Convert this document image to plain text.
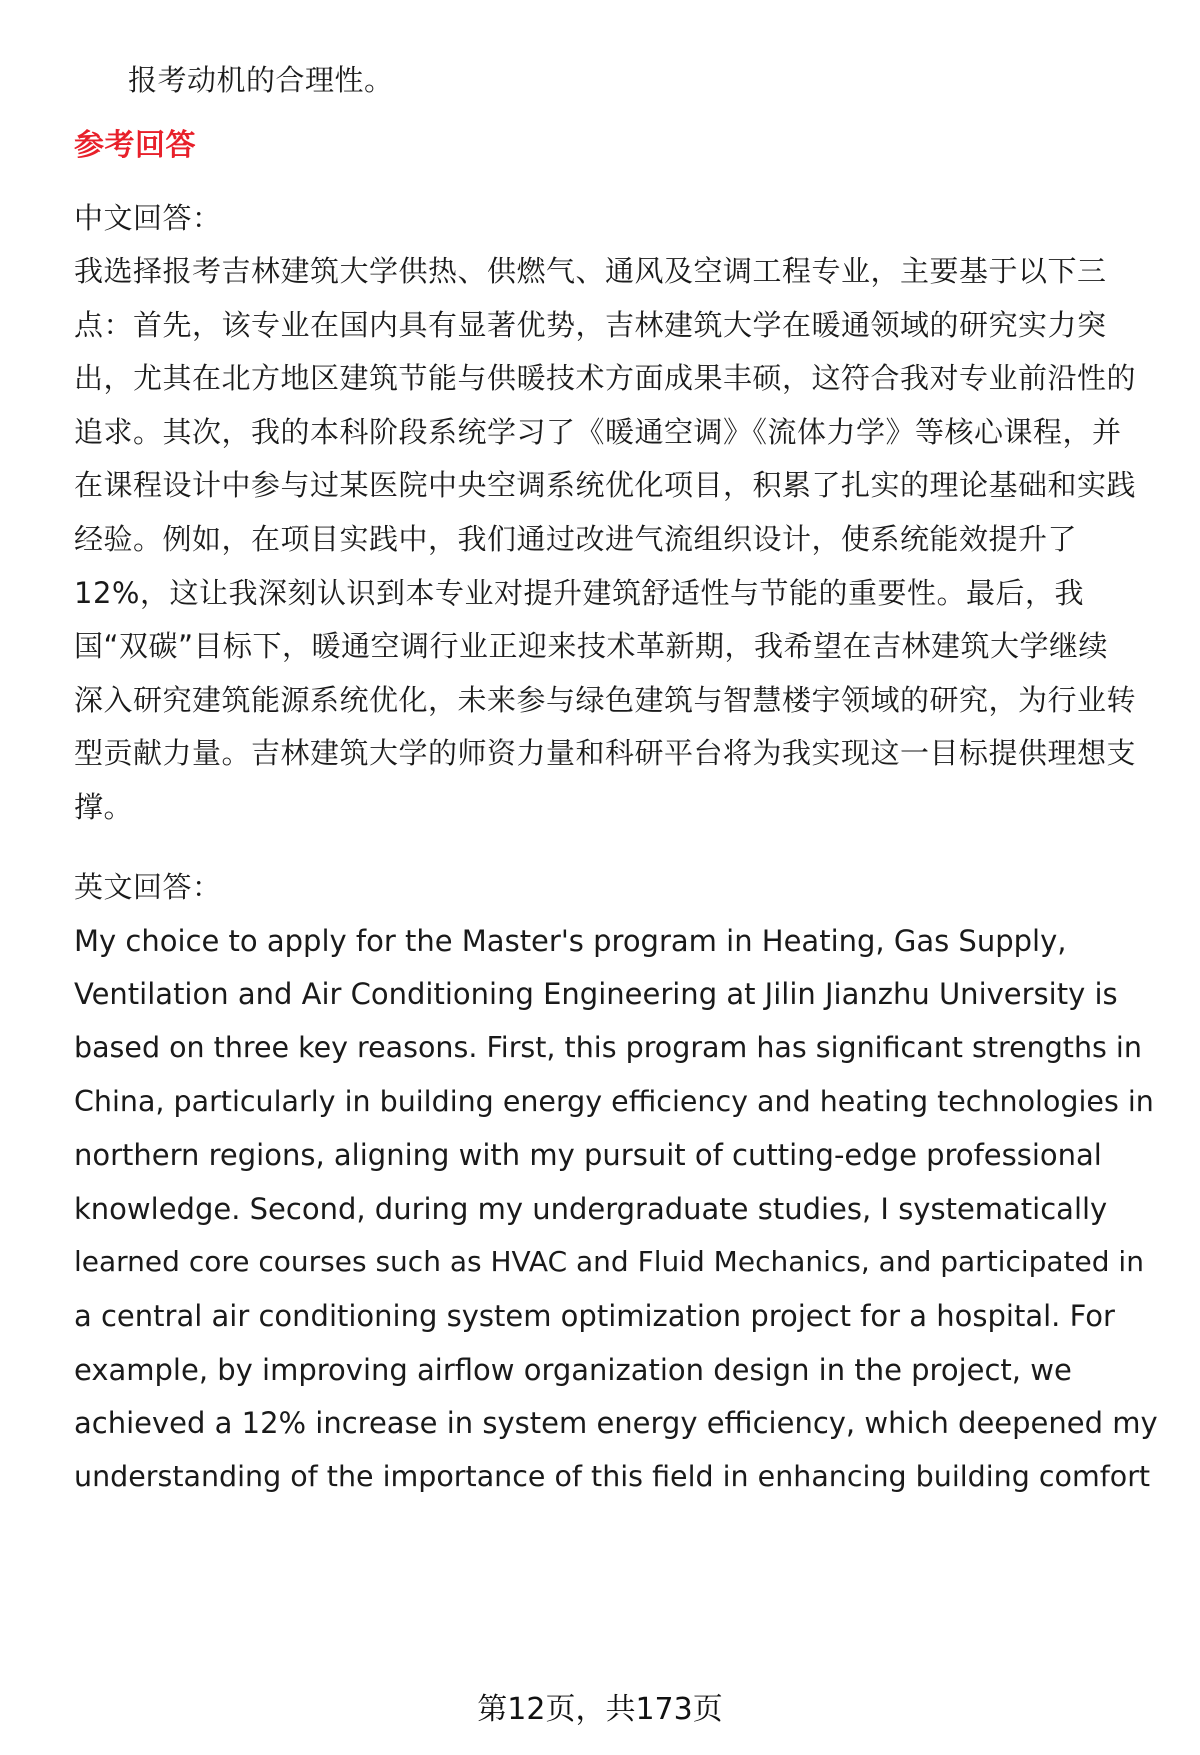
报考动机的合理性。
参考回答
中文回答：
我选择报考吉林建筑大学供热、供燃气、通风及空调工程专业，主要基于以下三
点：首先，该专业在国内具有显著优势，吉林建筑大学在暖通领域的研究实力突
出，尤其在北方地区建筑节能与供暖技术方面成果丰硕，这符合我对专业前沿性的
追求。其次，我的本科阶段系统学习了《暖通空调》《流体力学》等核心课程，并
在课程设计中参与过某医院中央空调系统优化项目，积累了扎实的理论基础和实践
经验。例如，在项目实践中，我们通过改进气流组织设计，使系统能效提升了
12%，这让我深刻认识到本专业对提升建筑舒适性与节能的重要性。最后，我
国“双碳”目标下，暖通空调行业正迎来技术革新期，我希望在吉林建筑大学继续
深入研究建筑能源系统优化，未来参与绿色建筑与智慧楼宇领域的研究，为行业转
型贡献力量。吉林建筑大学的师资力量和科研平台将为我实现这一目标提供理想支
撑。
英文回答：
My choice to apply for the Master's program in Heating, Gas Supply,
Ventilation and Air Conditioning Engineering at Jilin Jianzhu University is
based on three key reasons. First, this program has significant strengths in
China, particularly in building energy efficiency and heating technologies in
northern regions, aligning with my pursuit of cutting-edge professional
knowledge. Second, during my undergraduate studies, I systematically
learned core courses such as HVAC and Fluid Mechanics, and participated in
a central air conditioning system optimization project for a hospital. For
example, by improving airflow organization design in the project, we
achieved a 12% increase in system energy efficiency, which deepened my
understanding of the importance of this field in enhancing building comfort
第12页，共173页
